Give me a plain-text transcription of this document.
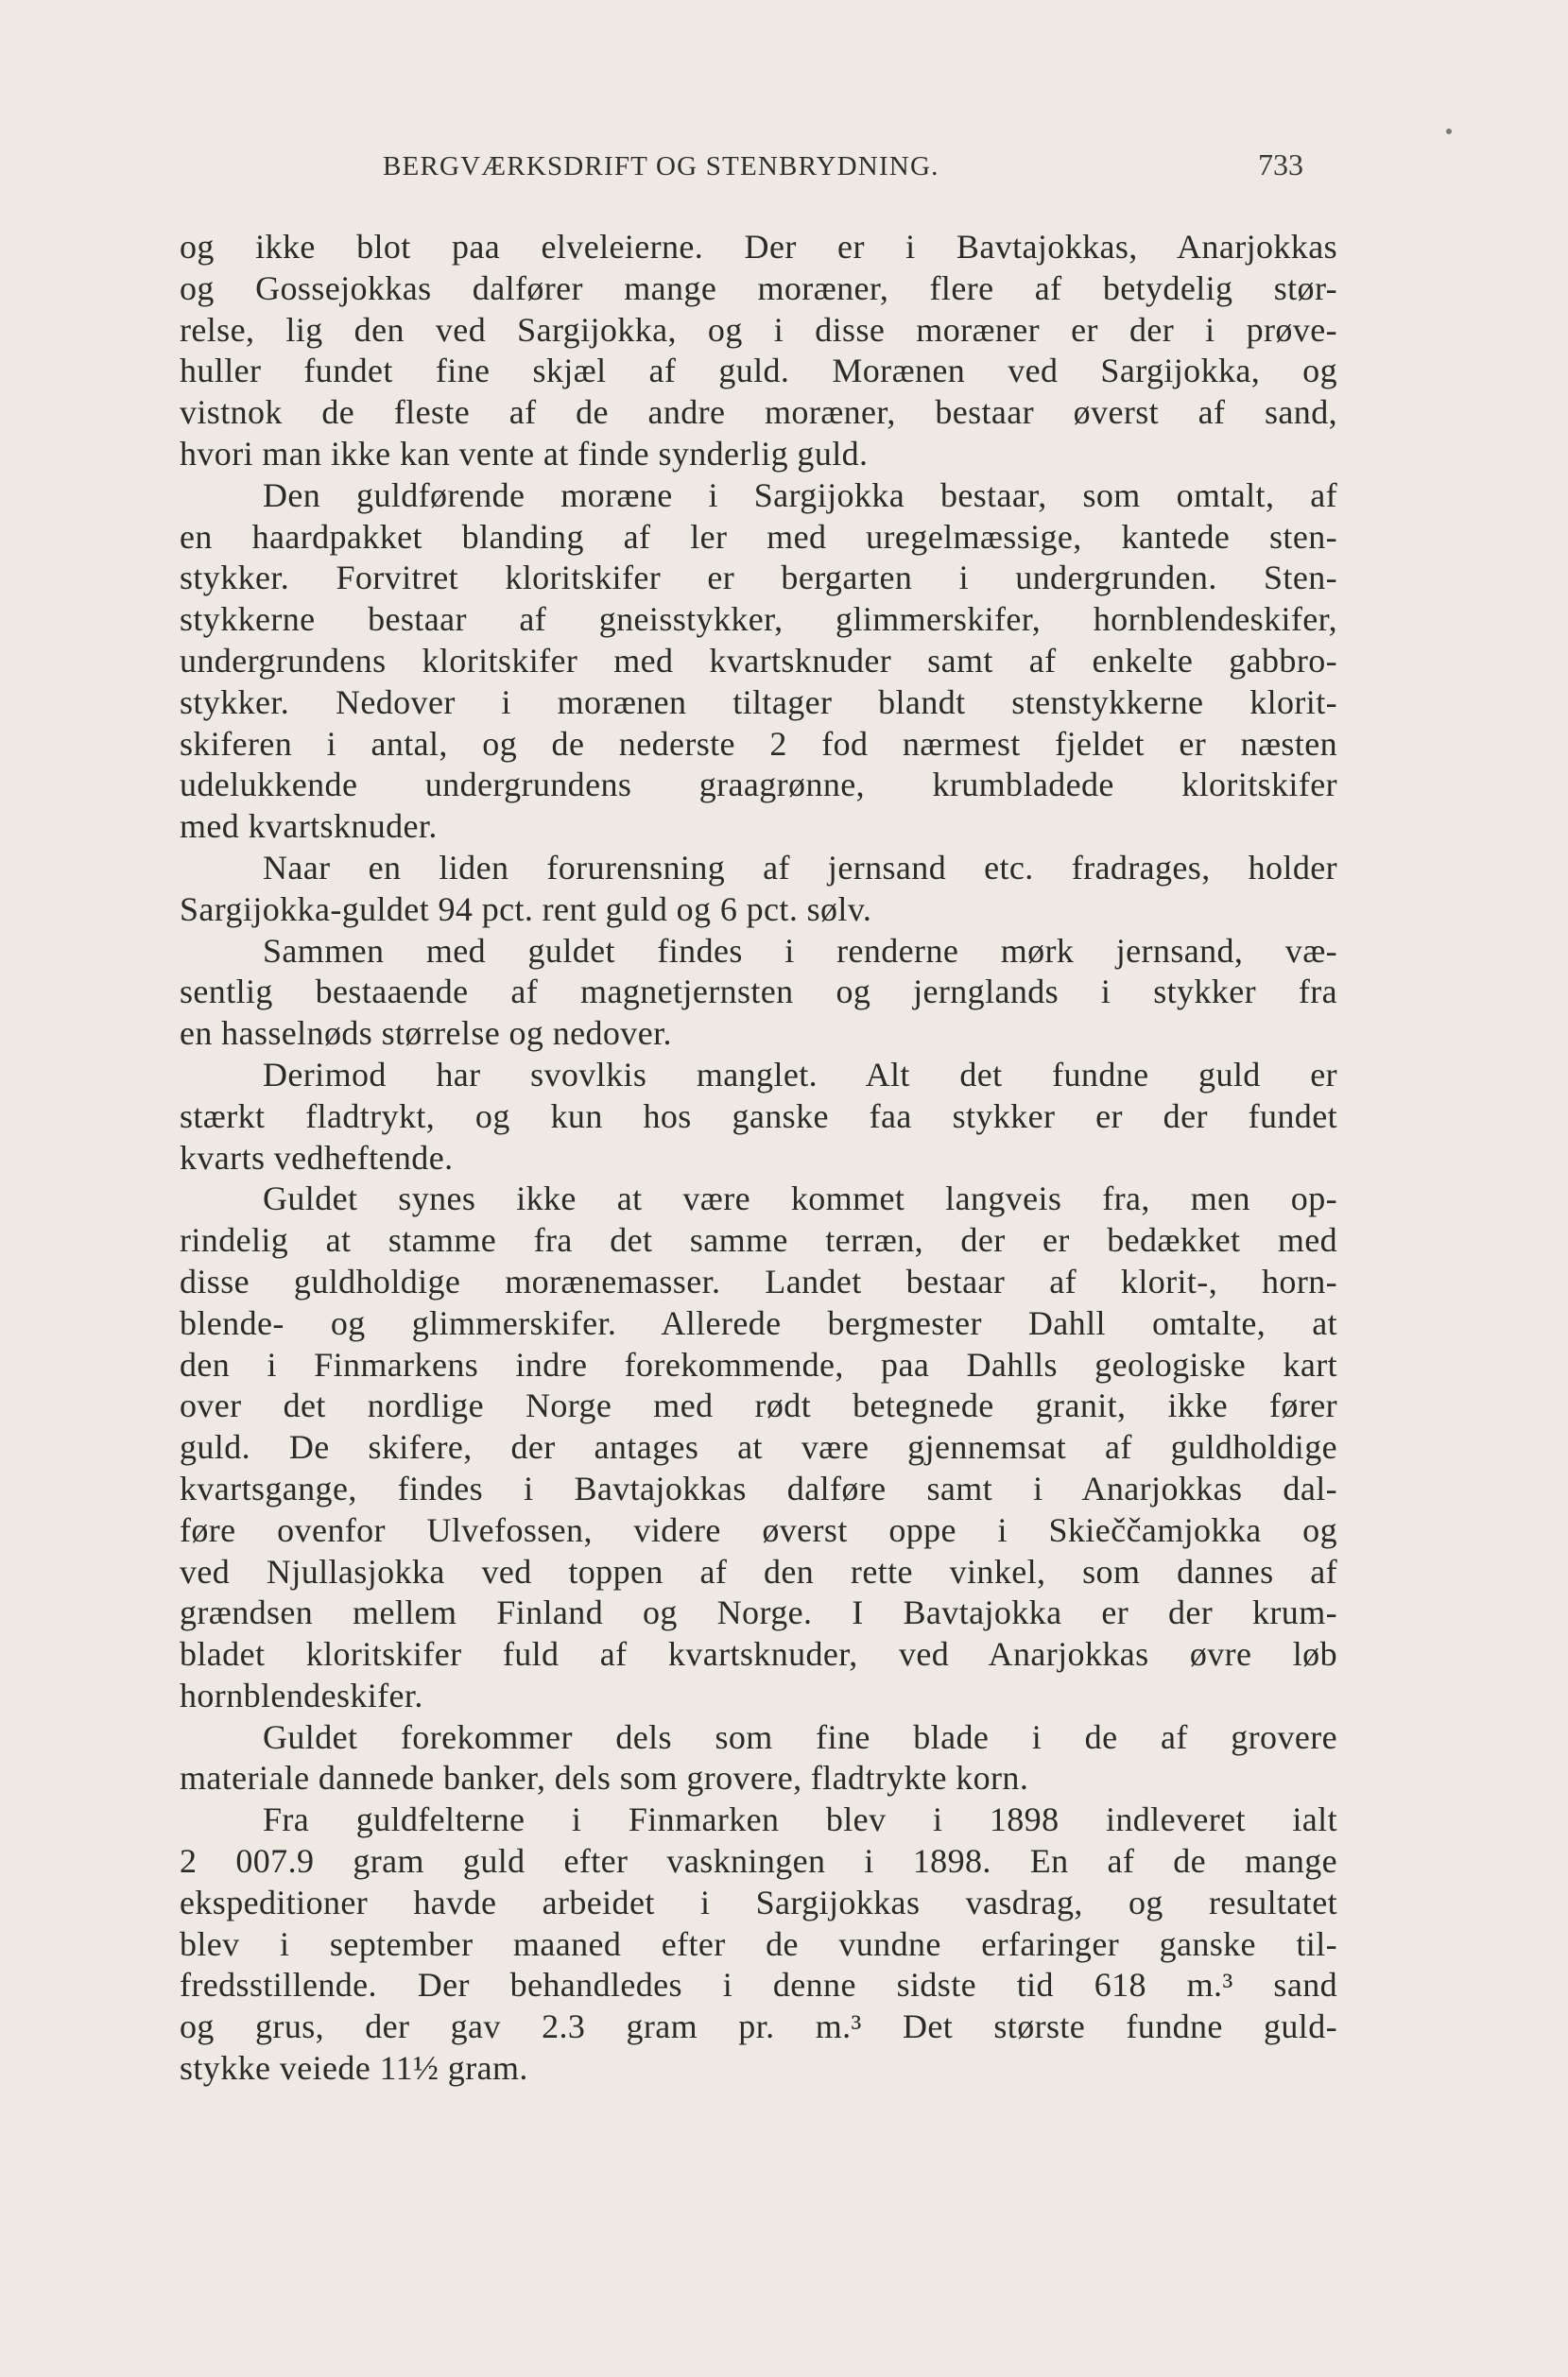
BERGVÆRKSDRIFT OG STENBRYDNING.	733
og ikke blot paa elveleierne. Der er i Bavtajokkas, Anarjokkas
og Gossejokkas dalfører mange moræner, flere af betydelig stør-
relse, lig den ved Sargijokka, og i disse moræner er der i prøve-
huller fundet fine skjæl af guld. Morænen ved Sargijokka, og
vistnok de fleste af de andre moræner, bestaar øverst af sand,
hvori man ikke kan vente at finde synderlig guld.
Den guldførende moræne i Sargijokka bestaar, som omtalt, af
en haardpakket blanding af ler med uregelmæssige, kantede sten-
stykker. Forvitret kloritskifer er bergarten i undergrunden. Sten-
stykkerne bestaar af gneisstykker, glimmerskifer, hornblendeskifer,
undergrundens kloritskifer med kvartsknuder samt af enkelte gabbro-
stykker. Nedover i morænen tiltager blandt stenstykkerne klorit-
skiferen i antal, og de nederste 2 fod nærmest fjeldet er næsten
udelukkende undergrundens graagrønne, krumbladede kloritskifer
med kvartsknuder.
Naar en liden forurensning af jernsand etc. fradrages, holder
Sargijokka-guldet 94 pct. rent guld og 6 pct. sølv.
Sammen med guldet findes i renderne mørk jernsand, væ-
sentlig bestaaende af magnetjernsten og jernglands i stykker fra
en hasselnøds størrelse og nedover.
Derimod har svovlkis manglet. Alt det fundne guld er
stærkt fladtrykt, og kun hos ganske faa stykker er der fundet
kvarts vedheftende.
Guldet synes ikke at være kommet langveis fra, men op-
rindelig at stamme fra det samme terræn, der er bedækket med
disse guldholdige morænemasser. Landet bestaar af klorit-, horn-
blende- og glimmerskifer. Allerede bergmester Dahll omtalte, at
den i Finmarkens indre forekommende, paa Dahlls geologiske kart
over det nordlige Norge med rødt betegnede granit, ikke fører
guld. De skifere, der antages at være gjennemsat af guldholdige
kvartsgange, findes i Bavtajokkas dalføre samt i Anarjokkas dal-
føre ovenfor Ulvefossen, videre øverst oppe i Skieččamjokka og
ved Njullasjokka ved toppen af den rette vinkel, som dannes af
grændsen mellem Finland og Norge. I Bavtajokka er der krum-
bladet kloritskifer fuld af kvartsknuder, ved Anarjokkas øvre løb
hornblendeskifer.
Guldet forekommer dels som fine blade i de af grovere
materiale dannede banker, dels som grovere, fladtrykte korn.
Fra guldfelterne i Finmarken blev i 1898 indleveret ialt
2 007.9 gram guld efter vaskningen i 1898. En af de mange
ekspeditioner havde arbeidet i Sargijokkas vasdrag, og resultatet
blev i september maaned efter de vundne erfaringer ganske til-
fredsstillende. Der behandledes i denne sidste tid 618 m.³ sand
og grus, der gav 2.3 gram pr. m.³ Det største fundne guld-
stykke veiede 11½ gram.
